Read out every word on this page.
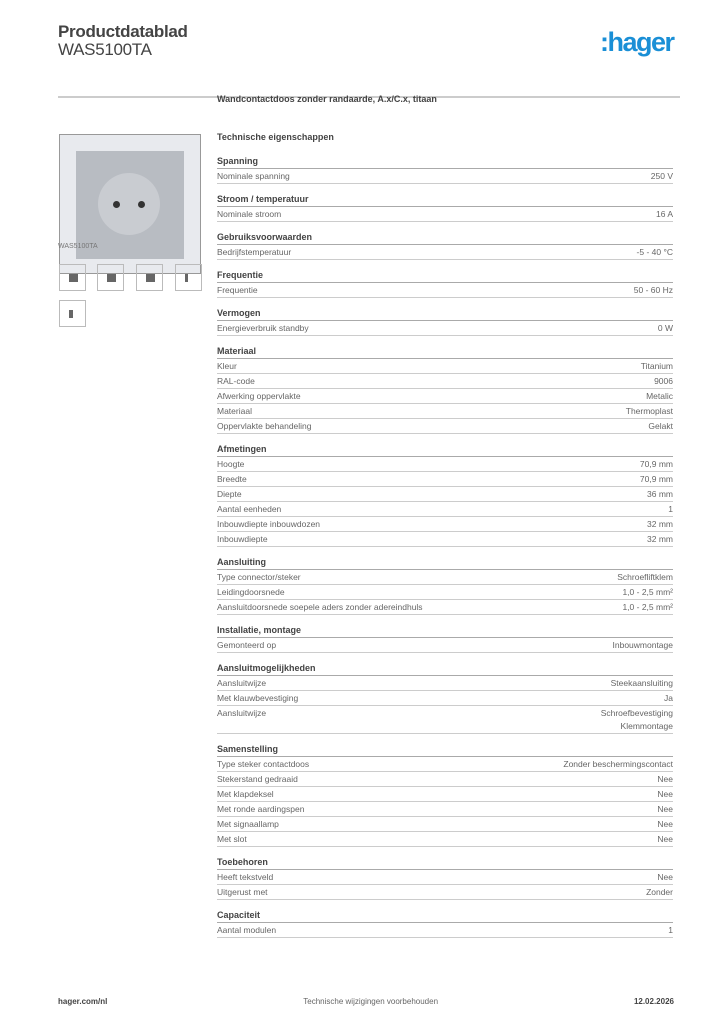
Productdatablad
WAS5100TA	:hager
WAS5100TA
Wandcontactdoos zonder randaarde, A.x/C.x, titaan
Technische eigenschappen
Spanning
Nominale spanning	250 V
Stroom / temperatuur
Nominale stroom	16 A
Gebruiksvoorwaarden
Bedrijfstemperatuur	-5 - 40 °C
Frequentie
Frequentie	50 - 60 Hz
Vermogen
Energieverbruik standby	0 W
Materiaal
Kleur	Titanium
RAL-code	9006
Afwerking oppervlakte	Metalic
Materiaal	Thermoplast
Oppervlakte behandeling	Gelakt
Afmetingen
Hoogte	70,9 mm
Breedte	70,9 mm
Diepte	36 mm
Aantal eenheden	1
Inbouwdiepte inbouwdozen	32 mm
Inbouwdiepte	32 mm
Aansluiting
Type connector/steker	Schroefliftklem
Leidingdoorsnede	1,0 - 2,5 mm²
Aansluitdoorsnede soepele aders zonder adereindhuls	1,0 - 2,5 mm²
Installatie, montage
Gemonteerd op	Inbouwmontage
Aansluitmogelijkheden
Aansluitwijze	Steekaansluiting
Met klauwbevestiging	Ja
Aansluitwijze	Schroefbevestiging
Klemmontage
Samenstelling
Type steker contactdoos	Zonder beschermingscontact
Stekerstand gedraaid	Nee
Met klapdeksel	Nee
Met ronde aardingspen	Nee
Met signaallamp	Nee
Met slot	Nee
Toebehoren
Heeft tekstveld	Nee
Uitgerust met	Zonder
Capaciteit
Aantal modulen	1
hager.com/nl	Technische wijzigingen voorbehouden	12.02.2026
